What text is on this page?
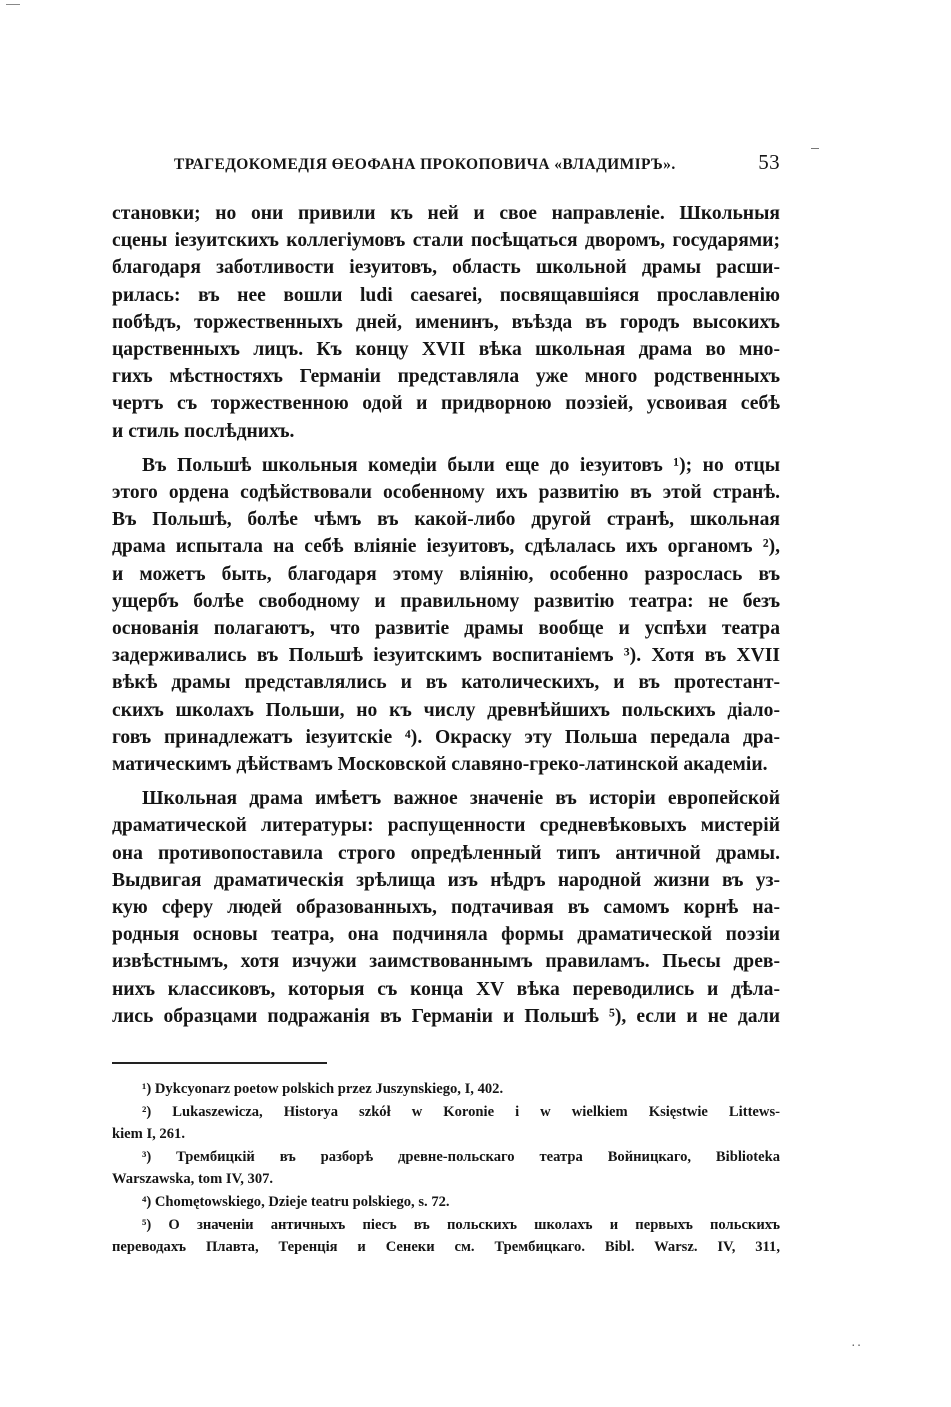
ТРАГЕДОКОМЕДІЯ ӨЕОФАНА ПРОКОПОВИЧА «ВЛАДИМІРЪ».	53

становки; но они привили къ ней и свое направленіе. Школьныя
сцены іезуитскихъ коллегіумовъ стали посѣщаться дворомъ, государями;
благодаря заботливости іезуитовъ, область школьной драмы расши-
рилась: въ нее вошли ludi caesarei, посвящавшіяся прославленію
побѣдъ, торжественныхъ дней, именинъ, въѣзда въ городъ высокихъ
царственныхъ лицъ. Къ концу XVII вѣка школьная драма во мно-
гихъ мѣстностяхъ Германіи представляла уже много родственныхъ
чертъ съ торжественною одой и придворною поэзіей, усвоивая себѣ
и стиль послѣднихъ.

Въ Польшѣ школьныя комедіи были еще до іезуитовъ ¹); но отцы
этого ордена содѣйствовали особенному ихъ развитію въ этой странѣ.
Въ Польшѣ, болѣе чѣмъ въ какой-либо другой странѣ, школьная
драма испытала на себѣ вліяніе іезуитовъ, сдѣлалась ихъ органомъ ²),
и можетъ быть, благодаря этому вліянію, особенно разрослась въ
ущербъ болѣе свободному и правильному развитію театра: не безъ
основанія полагаютъ, что развитіе драмы вообще и успѣхи театра
задерживались въ Польшѣ іезуитскимъ воспитаніемъ ³). Хотя въ XVII
вѣкѣ драмы представлялись и въ католическихъ, и въ протестант-
скихъ школахъ Польши, но къ числу древнѣйшихъ польскихъ діало-
говъ принадлежатъ іезуитскіе ⁴). Окраску эту Польша передала дра-
матическимъ дѣйствамъ Московской славяно-греко-латинской академіи.

Школьная драма имѣетъ важное значеніе въ исторіи европейской
драматической литературы: распущенности средневѣковыхъ мистерій
она противопоставила строго опредѣленный типъ античной драмы.
Выдвигая драматическія зрѣлища изъ нѣдръ народной жизни въ уз-
кую сферу людей образованныхъ, подтачивая въ самомъ корнѣ на-
родныя основы театра, она подчиняла формы драматической поэзіи
извѣстнымъ, хотя изчужи заимствованнымъ правиламъ. Пьесы древ-
нихъ классиковъ, которыя съ конца XV вѣка переводились и дѣла-
лись образцами подражанія въ Германіи и Польшѣ ⁵), если и не дали

¹) Dykcyonarz poetow polskich przez Juszynskiego, I, 402.

²) Lukaszewicza, Historya szkół w Koronie i w wielkiem Księstwie Littews-
kiem I, 261.

³) Трембицкій въ разборѣ древне-польскаго театра Войницкаго, Biblioteka
Warszawska, tom IV, 307.

⁴) Chomętowskiego, Dzieje teatru polskiego, s. 72.

⁵) О значеніи античныхъ піесъ въ польскихъ школахъ и первыхъ польскихъ
переводахъ Плавта, Теренція и Сенеки см. Трембицкаго. Bibl. Warsz. IV, 311,

..
